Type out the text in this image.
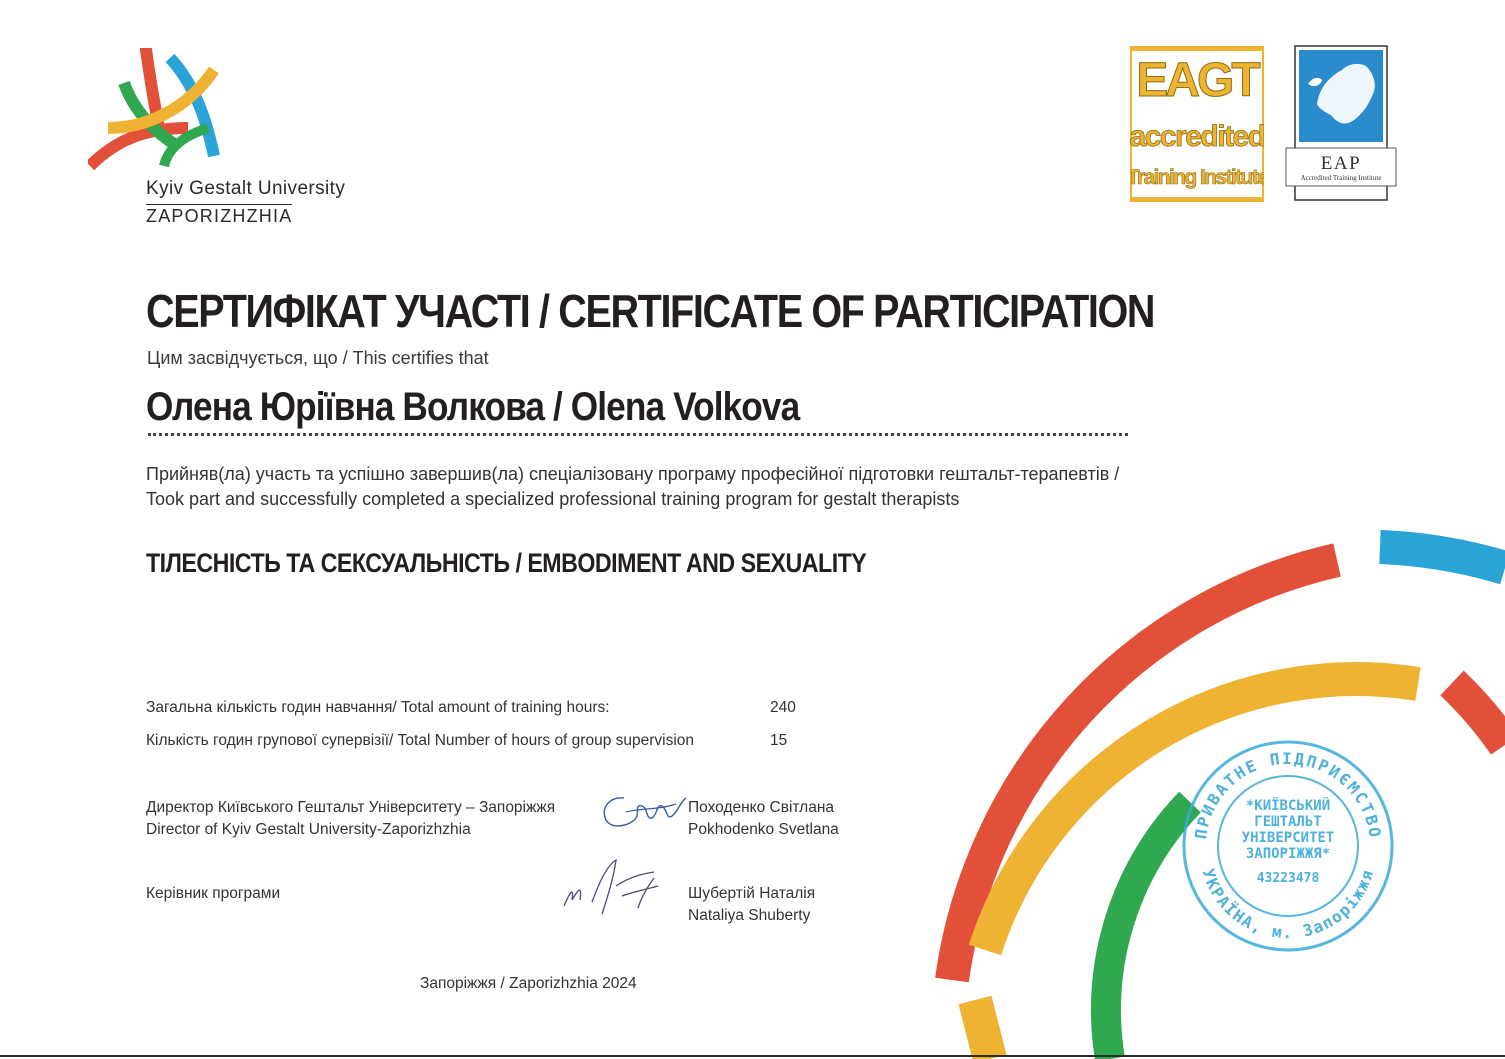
Kyiv Gestalt University
ZAPORIZHZHIA
EAGT
accredited
Training Institute
EAP
Accredited Training Institute
СЕРТИФІКАТ УЧАСТІ / CERTIFICATE OF PARTICIPATION
Цим засвідчується, що / This certifies that
Олена Юріївна Волкова / Olena Volkova
Прийняв(ла) участь та успішно завершив(ла) спеціалізовану програму професійної підготовки гештальт-терапевтів /
Took part and successfully completed a specialized professional training program for gestalt therapists
ТІЛЕСНІСТЬ ТА СЕКСУАЛЬНІСТЬ / EMBODIMENT AND SEXUALITY
Загальна кількість годин навчання/ Total amount of training hours:	240
Кількість годин групової супервізії/ Total Number of hours of group supervision	15
Директор Київського Гештальт Університету – Запоріжжя
Director of Kyiv Gestalt University-Zaporizhzhia
Походенко Світлана
Pokhodenko Svetlana
Керівник програми	Шубертій Наталія
Nataliya Shuberty
Запоріжжя / Zaporizhzhia 2024
ПРИВАТНЕ ПІДПРИЄМСТВО
УКРАЇНА, м. Запоріжжя
*КИЇВСЬКИЙ
ГЕШТАЛЬТ
УНІВЕРСИТЕТ
ЗАПОРІЖЖЯ*
43223478
